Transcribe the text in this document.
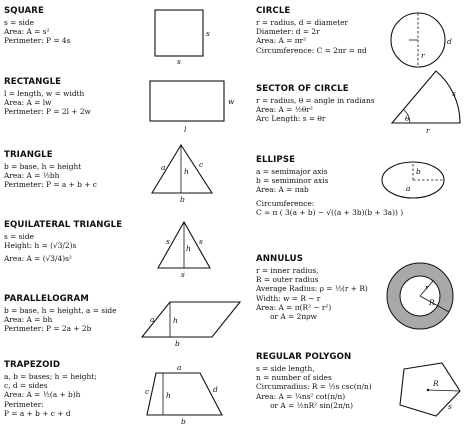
SQUARE
s = side
Area: A = s²
Perimeter: P = 4s
s
s
d
r
w
l
s
θ
r
a	c
h
b
a
b
s	s
h
s
r
R
a h
b
a
c h
d
b
R
s
CIRCLE
r = radius, d = diameter
Diameter: d = 2r
Area: A = πr²
Circumference: C = 2πr = πd
RECTANGLE
l = length, w = width
Area: A = lw
Perimeter: P = 2l + 2w
SECTOR OF CIRCLE
r = radius, θ = angle in radians
Area: A = ½θr²
Arc Length: s = θr
TRIANGLE
b = base, h = height
Area: A = ½bh
Perimeter: P = a + b + c
ELLIPSE
a = semimajor axis
b = semiminor axis
Area: A = πab
Circumference:
C ≈ π ( 3(a + b) − √((a + 3b)(b + 3a)) )
EQUILATERAL TRIANGLE
s = side
Height: h = (√3/2)s
Area: A = (√3/4)s²	ANNULUS
r = inner radius,
R = outer radius
Average Radius: ρ = ½(r + R)
Width: w = R − r
Area: A = π(R² − r²)
or A = 2πρw
PARALLELOGRAM
b = base, h = height, a = side
Area: A = bh
Perimeter: P = 2a + 2b
TRAPEZOID
a, b = bases; h = height;
c, d = sides
Area: A = ½(a + b)h
Perimeter:
P = a + b + c + d
REGULAR POLYGON
s = side length,
n = number of sides
Circumradius: R = ½s csc(π/n)
Area: A = ¼ns² cot(π/n)
or A = ½nR² sin(2π/n)
